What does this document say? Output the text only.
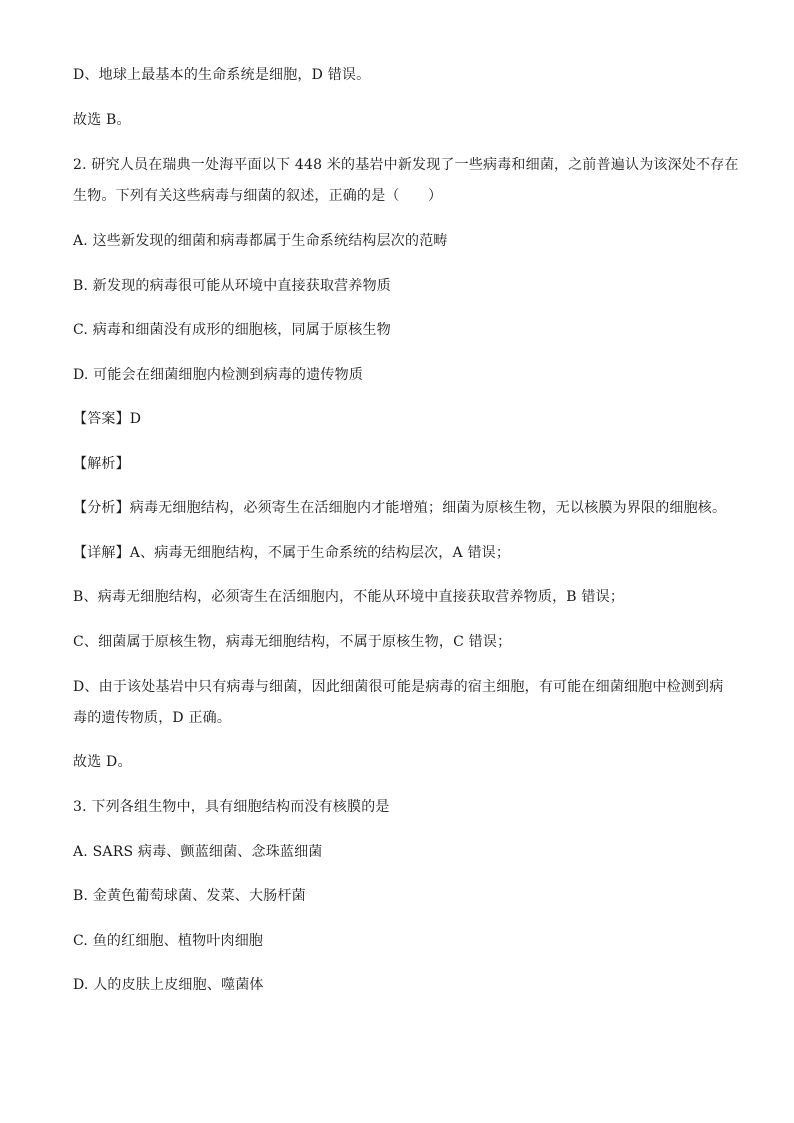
D、地球上最基本的生命系统是细胞，D 错误。
故选 B。
2. 研究人员在瑞典一处海平面以下 448 米的基岩中新发现了一些病毒和细菌，之前普遍认为该深处不存在
生物。下列有关这些病毒与细菌的叙述，正确的是（　　）
A. 这些新发现的细菌和病毒都属于生命系统结构层次的范畴
B. 新发现的病毒很可能从环境中直接获取营养物质
C. 病毒和细菌没有成形的细胞核，同属于原核生物
D. 可能会在细菌细胞内检测到病毒的遗传物质
【答案】D
【解析】
【分析】病毒无细胞结构，必须寄生在活细胞内才能增殖；细菌为原核生物，无以核膜为界限的细胞核。
【详解】A、病毒无细胞结构，不属于生命系统的结构层次，A 错误；
B、病毒无细胞结构，必须寄生在活细胞内，不能从环境中直接获取营养物质，B 错误；
C、细菌属于原核生物，病毒无细胞结构，不属于原核生物，C 错误；
D、由于该处基岩中只有病毒与细菌，因此细菌很可能是病毒的宿主细胞，有可能在细菌细胞中检测到病
毒的遗传物质，D 正确。
故选 D。
3. 下列各组生物中，具有细胞结构而没有核膜的是
A. SARS 病毒、颤蓝细菌、念珠蓝细菌
B. 金黄色葡萄球菌、发菜、大肠杆菌
C. 鱼的红细胞、植物叶肉细胞
D. 人的皮肤上皮细胞、噬菌体
